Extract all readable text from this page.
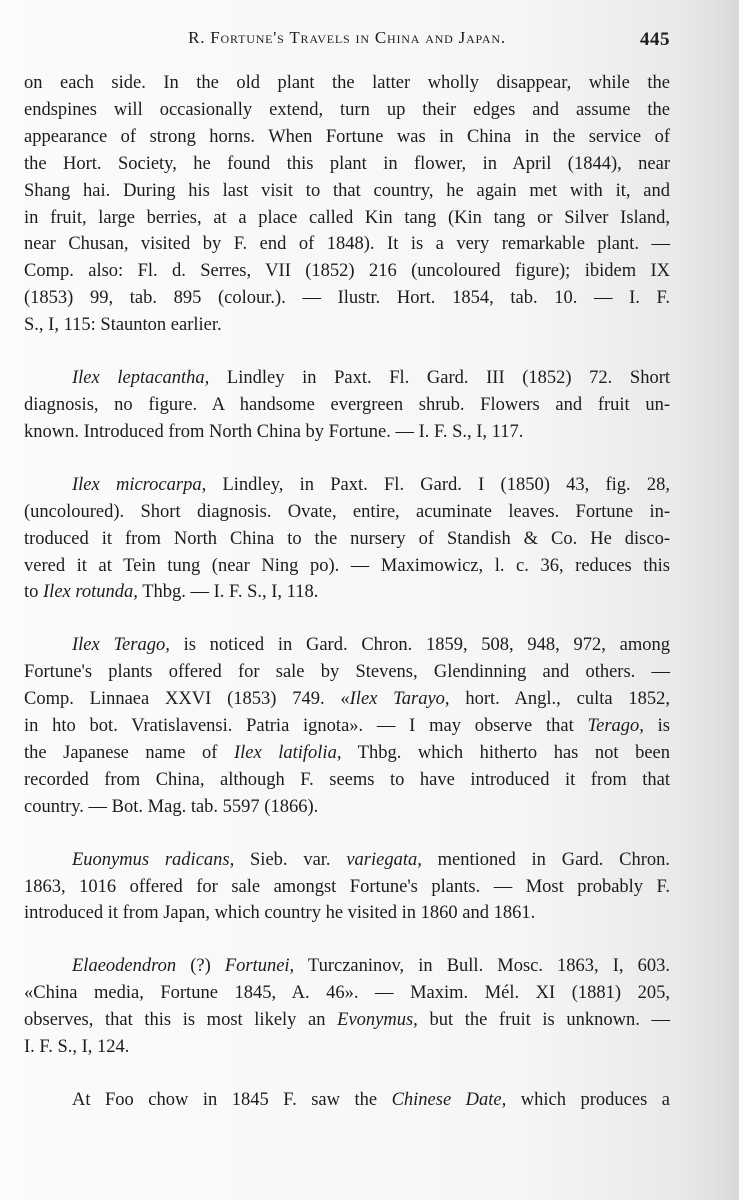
R. Fortune's Travels in China and Japan.	445
on each side. In the old plant the latter wholly disappear, while the
endspines will occasionally extend, turn up their edges and assume the
appearance of strong horns. When Fortune was in China in the service of
the Hort. Society, he found this plant in flower, in April (1844), near
Shang hai. During his last visit to that country, he again met with it, and
in fruit, large berries, at a place called Kin tang (Kin tang or Silver Island,
near Chusan, visited by F. end of 1848). It is a very remarkable plant. —
Comp. also: Fl. d. Serres, VII (1852) 216 (uncoloured figure); ibidem IX
(1853) 99, tab. 895 (colour.). — Ilustr. Hort. 1854, tab. 10. — I. F.
S., I, 115: Staunton earlier.
Ilex leptacantha, Lindley in Paxt. Fl. Gard. III (1852) 72. Short
diagnosis, no figure. A handsome evergreen shrub. Flowers and fruit un-
known. Introduced from North China by Fortune. — I. F. S., I, 117.
Ilex microcarpa, Lindley, in Paxt. Fl. Gard. I (1850) 43, fig. 28,
(uncoloured). Short diagnosis. Ovate, entire, acuminate leaves. Fortune in-
troduced it from North China to the nursery of Standish & Co. He disco-
vered it at Tein tung (near Ning po). — Maximowicz, l. c. 36, reduces this
to Ilex rotunda, Thbg. — I. F. S., I, 118.
Ilex Terago, is noticed in Gard. Chron. 1859, 508, 948, 972, among
Fortune's plants offered for sale by Stevens, Glendinning and others. —
Comp. Linnaea XXVI (1853) 749. «Ilex Tarayo, hort. Angl., culta 1852,
in hto bot. Vratislavensi. Patria ignota». — I may observe that Terago, is
the Japanese name of Ilex latifolia, Thbg. which hitherto has not been
recorded from China, although F. seems to have introduced it from that
country. — Bot. Mag. tab. 5597 (1866).
Euonymus radicans, Sieb. var. variegata, mentioned in Gard. Chron.
1863, 1016 offered for sale amongst Fortune's plants. — Most probably F.
introduced it from Japan, which country he visited in 1860 and 1861.
Elaeodendron (?) Fortunei, Turczaninov, in Bull. Mosc. 1863, I, 603.
«China media, Fortune 1845, A. 46». — Maxim. Mél. XI (1881) 205,
observes, that this is most likely an Evonymus, but the fruit is unknown. —
I. F. S., I, 124.
At Foo chow in 1845 F. saw the Chinese Date, which produces a
